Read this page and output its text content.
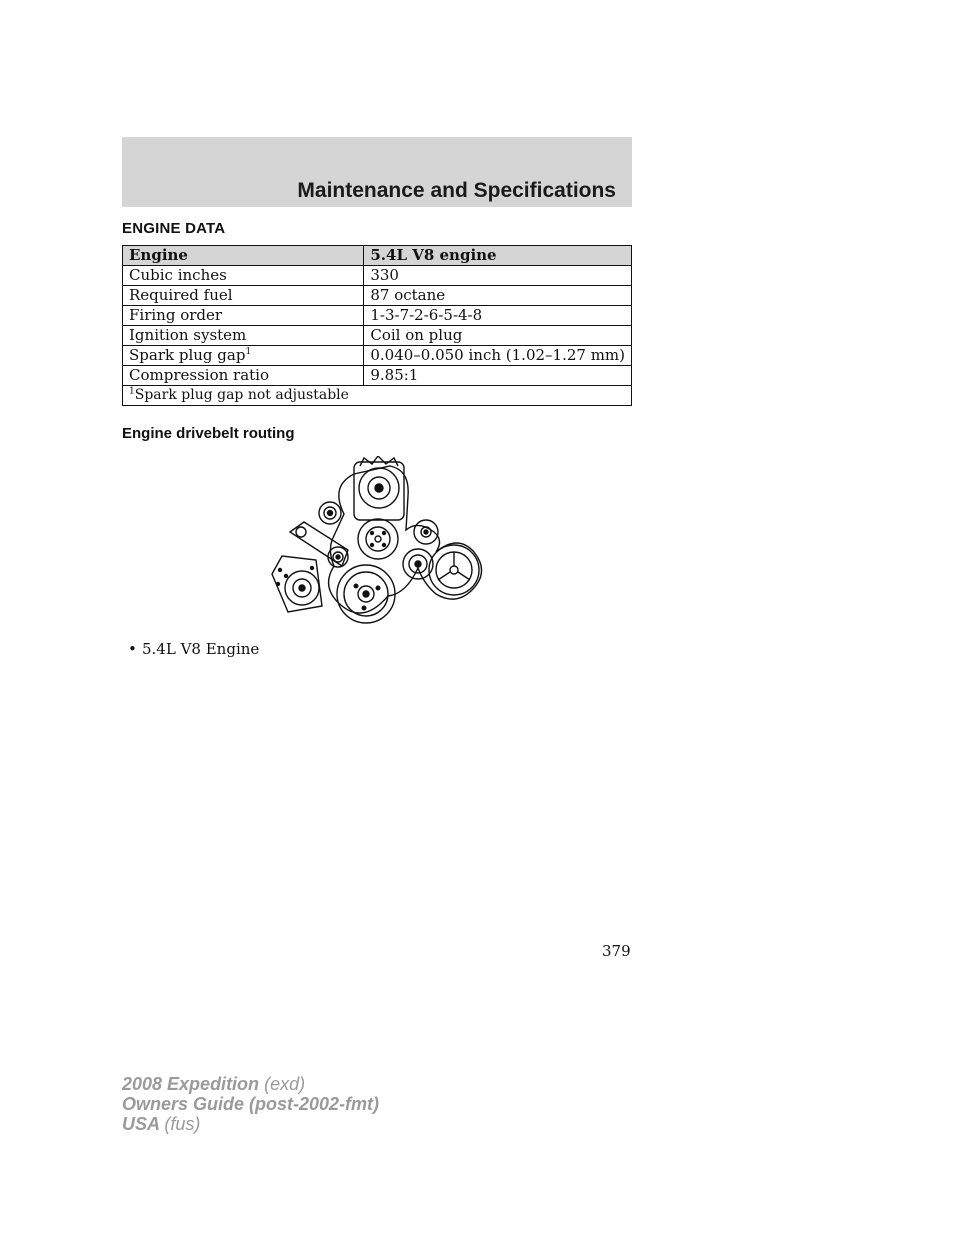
Maintenance and Specifications
ENGINE DATA
Engine	5.4L V8 engine
Cubic inches	330
Required fuel	87 octane
Firing order	1-3-7-2-6-5-4-8
Ignition system	Coil on plug
Spark plug gap$^1$	0.040–0.050 inch (1.02–1.27 mm)
Compression ratio	9.85:1
$^1$Spark plug gap not adjustable	
Engine drivebelt routing
• 5.4L V8 Engine
379
2008 Expedition (exd)
Owners Guide (post-2002-fmt)
USA (fus)
